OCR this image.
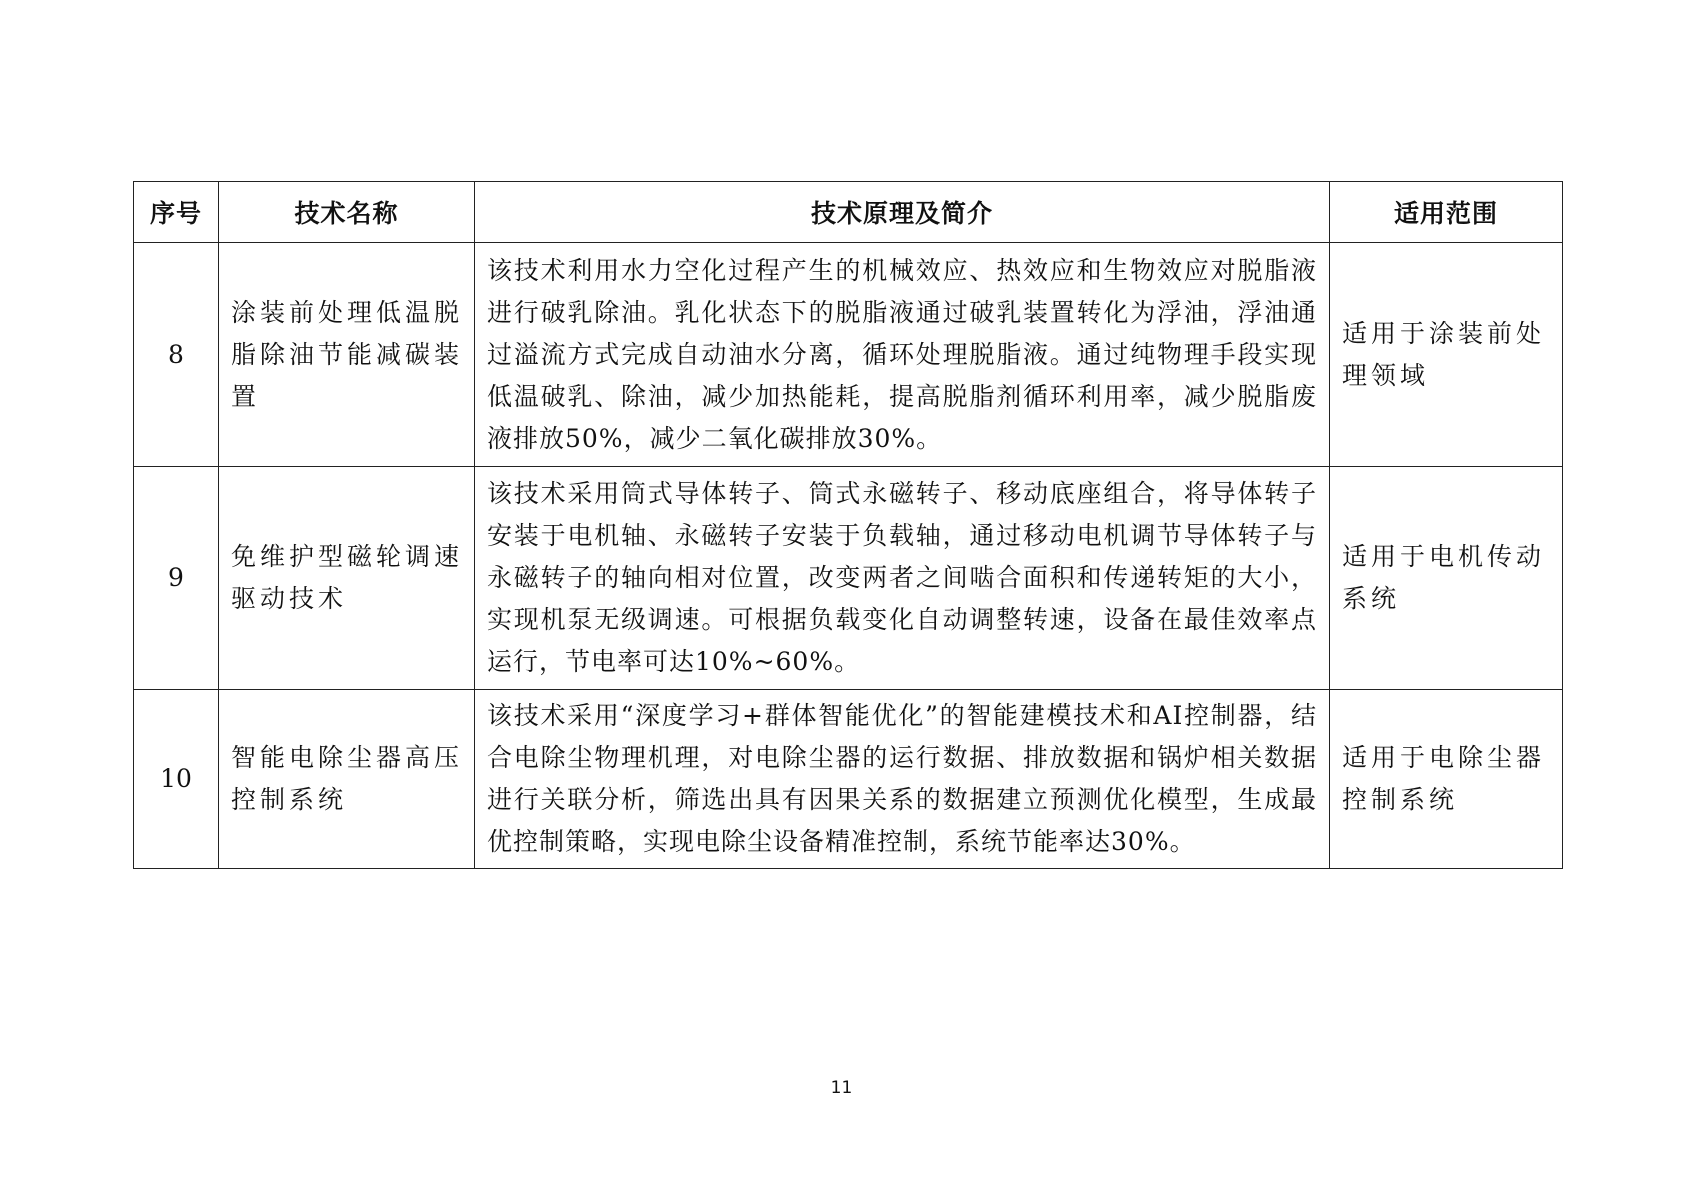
序号	技术名称	技术原理及简介	适用范围
8	涂装前处理低温脱脂除油节能减碳装置	该技术利用水力空化过程产生的机械效应、热效应和生物效应对脱脂液进行破乳除油。乳化状态下的脱脂液通过破乳装置转化为浮油，浮油通过溢流方式完成自动油水分离，循环处理脱脂液。通过纯物理手段实现低温破乳、除油，减少加热能耗，提高脱脂剂循环利用率，减少脱脂废液排放50%，减少二氧化碳排放30%。	适用于涂装前处理领域
9	免维护型磁轮调速驱动技术	该技术采用筒式导体转子、筒式永磁转子、移动底座组合，将导体转子安装于电机轴、永磁转子安装于负载轴，通过移动电机调节导体转子与永磁转子的轴向相对位置，改变两者之间啮合面积和传递转矩的大小，实现机泵无级调速。可根据负载变化自动调整转速，设备在最佳效率点运行，节电率可达10%~60%。	适用于电机传动系统
10	智能电除尘器高压控制系统	该技术采用“深度学习+群体智能优化”的智能建模技术和AI控制器，结合电除尘物理机理，对电除尘器的运行数据、排放数据和锅炉相关数据进行关联分析，筛选出具有因果关系的数据建立预测优化模型，生成最优控制策略，实现电除尘设备精准控制，系统节能率达30%。	适用于电除尘器控制系统
11
